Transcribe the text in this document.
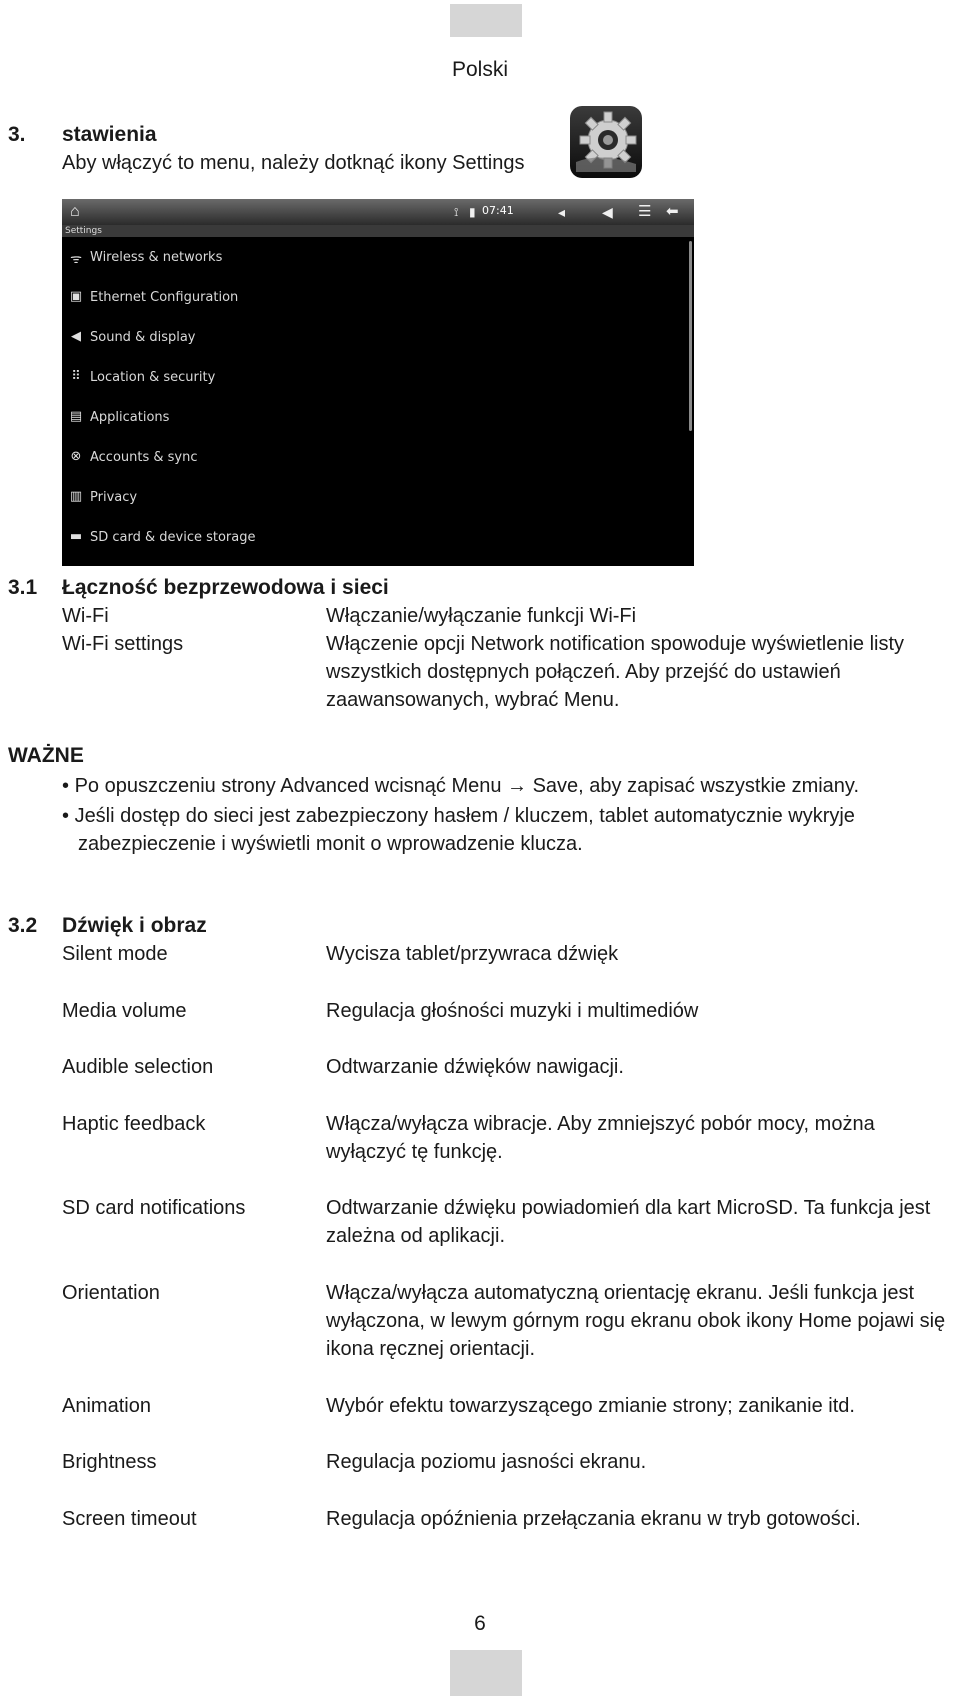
Polski
3. stawienia
Aby włączyć to menu, należy dotknąć ikony Settings
⌂	⟟ ▮ 07:41	◂	◀ ☰ ⬅
Settings
ᯤ Wireless & networks
▣ Ethernet Configuration
◀ Sound & display
⠿ Location & security
▤ Applications
⊗ Accounts & sync
▥ Privacy
▬ SD card & device storage
3.1 Łączność bezprzewodowa i sieci
Wi-Fi	Włączanie/wyłączanie funkcji Wi-Fi
Wi-Fi settings	Włączenie opcji Network notification spowoduje wyświetlenie listy wszystkich dostępnych połączeń. Aby przejść do ustawień zaawansowanych, wybrać Menu.
WAŻNE
• Po opuszczeniu strony Advanced wcisnąć Menu → Save, aby zapisać wszystkie zmiany.
• Jeśli dostęp do sieci jest zabezpieczony hasłem / kluczem, tablet automatycznie wykryje zabezpieczenie i wyświetli monit o wprowadzenie klucza.
3.2 Dźwięk i obraz
Silent mode	Wycisza tablet/przywraca dźwięk
Media volume	Regulacja głośności muzyki i multimediów
Audible selection	Odtwarzanie dźwięków nawigacji.
Haptic feedback	Włącza/wyłącza wibracje. Aby zmniejszyć pobór mocy, można wyłączyć tę funkcję.
SD card notifications	Odtwarzanie dźwięku powiadomień dla kart MicroSD. Ta funkcja jest zależna od aplikacji.
Orientation	Włącza/wyłącza automatyczną orientację ekranu. Jeśli funkcja jest wyłączona, w lewym górnym rogu ekranu obok ikony Home pojawi się ikona ręcznej orientacji.
Animation	Wybór efektu towarzyszącego zmianie strony; zanikanie itd.
Brightness	Regulacja poziomu jasności ekranu.
Screen timeout	Regulacja opóźnienia przełączania ekranu w tryb gotowości.
6
